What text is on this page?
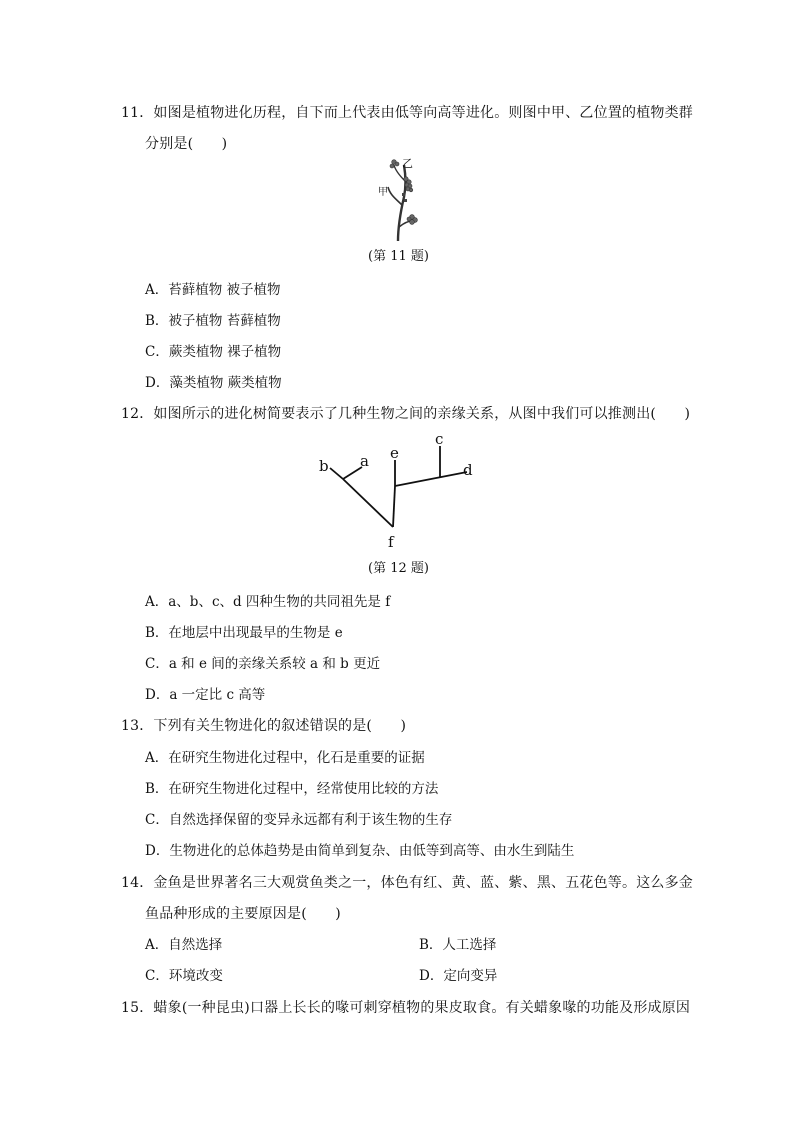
11．如图是植物进化历程，自下而上代表由低等向高等进化。则图中甲、乙位置的植物类群
分别是(　　)
乙
甲
(第 11 题)
A．苔藓植物 被子植物
B．被子植物 苔藓植物
C．蕨类植物 裸子植物
D．藻类植物 蕨类植物
12．如图所示的进化树简要表示了几种生物之间的亲缘关系，从图中我们可以推测出(　　)
b a e
c
d
f
(第 12 题)
A．a、b、c、d 四种生物的共同祖先是 f
B．在地层中出现最早的生物是 e
C．a 和 e 间的亲缘关系较 a 和 b 更近
D．a 一定比 c 高等
13．下列有关生物进化的叙述错误的是(　　)
A．在研究生物进化过程中，化石是重要的证据
B．在研究生物进化过程中，经常使用比较的方法
C．自然选择保留的变异永远都有利于该生物的生存
D．生物进化的总体趋势是由简单到复杂、由低等到高等、由水生到陆生
14．金鱼是世界著名三大观赏鱼类之一，体色有红、黄、蓝、紫、黑、五花色等。这么多金
鱼品种形成的主要原因是(　　)
A．自然选择	B．人工选择
C．环境改变	D．定向变异
15．蜡象(一种昆虫)口器上长长的喙可刺穿植物的果皮取食。有关蜡象喙的功能及形成原因
